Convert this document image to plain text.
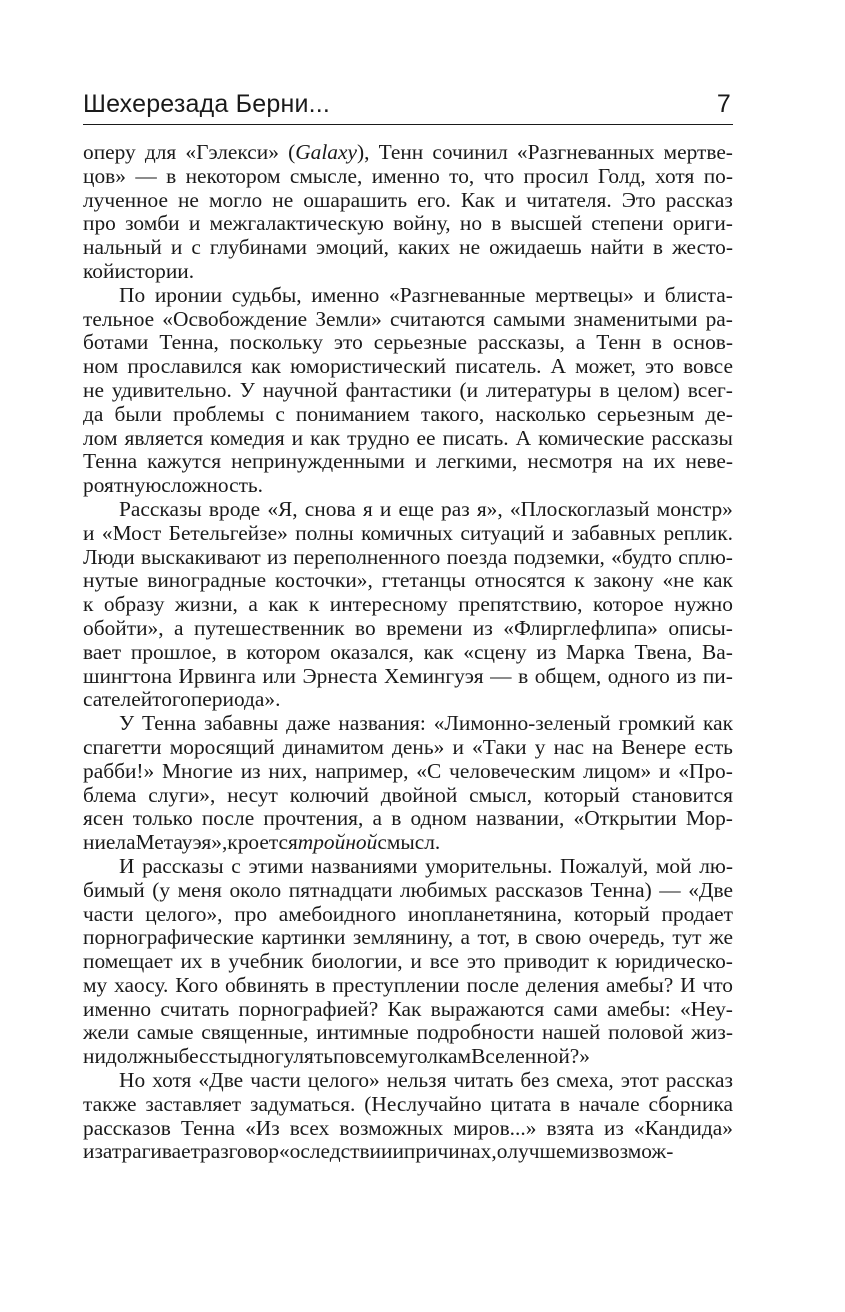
Шехерезада Берни...	7
оперу для «Гэлекси» (Galaxy), Тенн сочинил «Разгневанных мертве-
цов» — в некотором смысле, именно то, что просил Голд, хотя по-
лученное не могло не ошарашить его. Как и читателя. Это рассказ
про зомби и межгалактическую войну, но в высшей степени ориги-
нальный и с глубинами эмоций, каких не ожидаешь найти в жесто-
кой истории.
По иронии судьбы, именно «Разгневанные мертвецы» и блиста-
тельное «Освобождение Земли» считаются самыми знаменитыми ра-
ботами Тенна, поскольку это серьезные рассказы, а Тенн в основ-
ном прославился как юмористический писатель. А может, это вовсе
не удивительно. У научной фантастики (и литературы в целом) всег-
да были проблемы с пониманием такого, насколько серьезным де-
лом является комедия и как трудно ее писать. А комические рассказы
Тенна кажутся непринужденными и легкими, несмотря на их неве-
роятную сложность.
Рассказы вроде «Я, снова я и еще раз я», «Плоскоглазый монстр»
и «Мост Бетельгейзе» полны комичных ситуаций и забавных реплик.
Люди выскакивают из переполненного поезда подземки, «будто сплю-
нутые виноградные косточки», гтетанцы относятся к закону «не как
к образу жизни, а как к интересному препятствию, которое нужно
обойти», а путешественник во времени из «Флирглефлипа» описы-
вает прошлое, в котором оказался, как «сцену из Марка Твена, Ва-
шингтона Ирвинга или Эрнеста Хемингуэя — в общем, одного из пи-
сателей того периода».
У Тенна забавны даже названия: «Лимонно-зеленый громкий как
спагетти моросящий динамитом день» и «Таки у нас на Венере есть
рабби!» Многие из них, например, «С человеческим лицом» и «Про-
блема слуги», несут колючий двойной смысл, который становится
ясен только после прочтения, а в одном названии, «Открытии Мор-
ниела Метауэя», кроется тройной смысл.
И рассказы с этими названиями уморительны. Пожалуй, мой лю-
бимый (у меня около пятнадцати любимых рассказов Тенна) — «Две
части целого», про амебоидного инопланетянина, который продает
порнографические картинки землянину, а тот, в свою очередь, тут же
помещает их в учебник биологии, и все это приводит к юридическо-
му хаосу. Кого обвинять в преступлении после деления амебы? И что
именно считать порнографией? Как выражаются сами амебы: «Неу-
жели самые священные, интимные подробности нашей половой жиз-
ни должны бесстыдно гулять по всем уголкам Вселенной?»
Но хотя «Две части целого» нельзя читать без смеха, этот рассказ
также заставляет задуматься. (Неслучайно цитата в начале сборника
рассказов Тенна «Из всех возможных миров...» взята из «Кандида»
и затрагивает разговор «о следствии и причинах, о лучшем из возмож-
